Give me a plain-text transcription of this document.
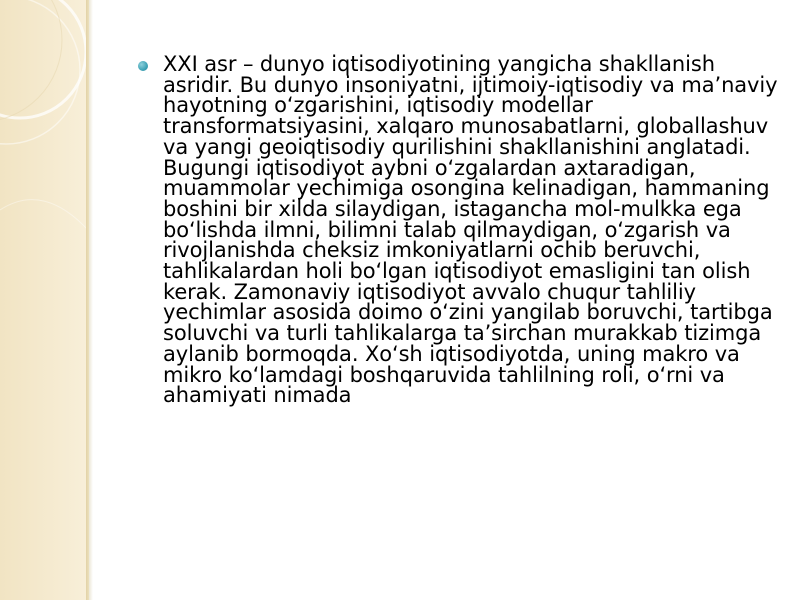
XXI asr – dunyo iqtisodiyotining yangicha shakllanish asridir. Bu dunyo insoniyatni, ijtimoiy-iqtisodiy va ma’naviy hayotning o‘zgarishini, iqtisodiy modellar transformatsiyasini, xalqaro munosabatlarni, globallashuv va yangi geoiqtisodiy qurilishini shakllanishini anglatadi. Bugungi iqtisodiyot aybni o‘zgalardan axtaradigan, muammolar yechimiga osongina kelinadigan, hammaning boshini bir xilda silaydigan, istagancha mol-mulkka ega bo‘lishda ilmni, bilimni talab qilmaydigan, o‘zgarish va rivojlanishda cheksiz imkoniyatlarni ochib beruvchi, tahlikalardan holi bo‘lgan iqtisodiyot emasligini tan olish kerak. Zamonaviy iqtisodiyot avvalo chuqur tahliliy yechimlar asosida doimo o‘zini yangilab boruvchi, tartibga soluvchi va turli tahlikalarga ta’sirchan murakkab tizimga aylanib bormoqda. Xo‘sh iqtisodiyotda, uning makro va mikro ko‘lamdagi boshqaruvida tahlilning roli, o‘rni va ahamiyati nimada
